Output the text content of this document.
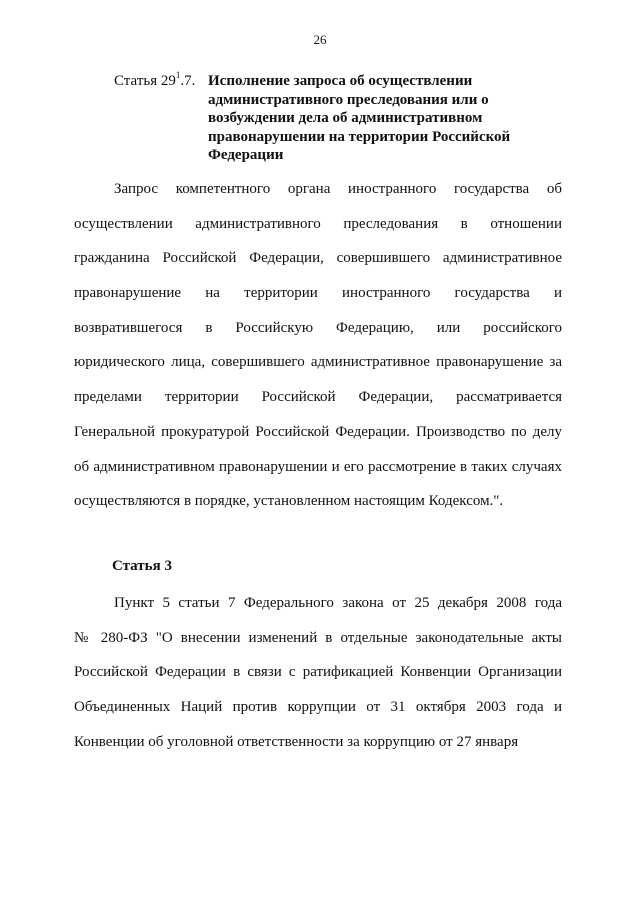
26
Статья $29^1.7$. Исполнение запроса об осуществлении административного преследования или о возбуждении дела об административном правонарушении на территории Российской Федерации
Запрос компетентного органа иностранного государства об
осуществлении административного преследования в отношении
гражданина Российской Федерации, совершившего административное
правонарушение на территории иностранного государства и
возвратившегося в Российскую Федерацию, или российского
юридического лица, совершившего административное правонарушение за
пределами территории Российской Федерации, рассматривается
Генеральной прокуратурой Российской Федерации. Производство по делу
об административном правонарушении и его рассмотрение в таких случаях
осуществляются в порядке, установленном настоящим Кодексом.".
Статья 3
Пункт 5 статьи 7 Федерального закона от 25 декабря 2008 года
№ 280-ФЗ "О внесении изменений в отдельные законодательные акты
Российской Федерации в связи с ратификацией Конвенции Организации
Объединенных Наций против коррупции от 31 октября 2003 года и
Конвенции об уголовной ответственности за коррупцию от 27 января
